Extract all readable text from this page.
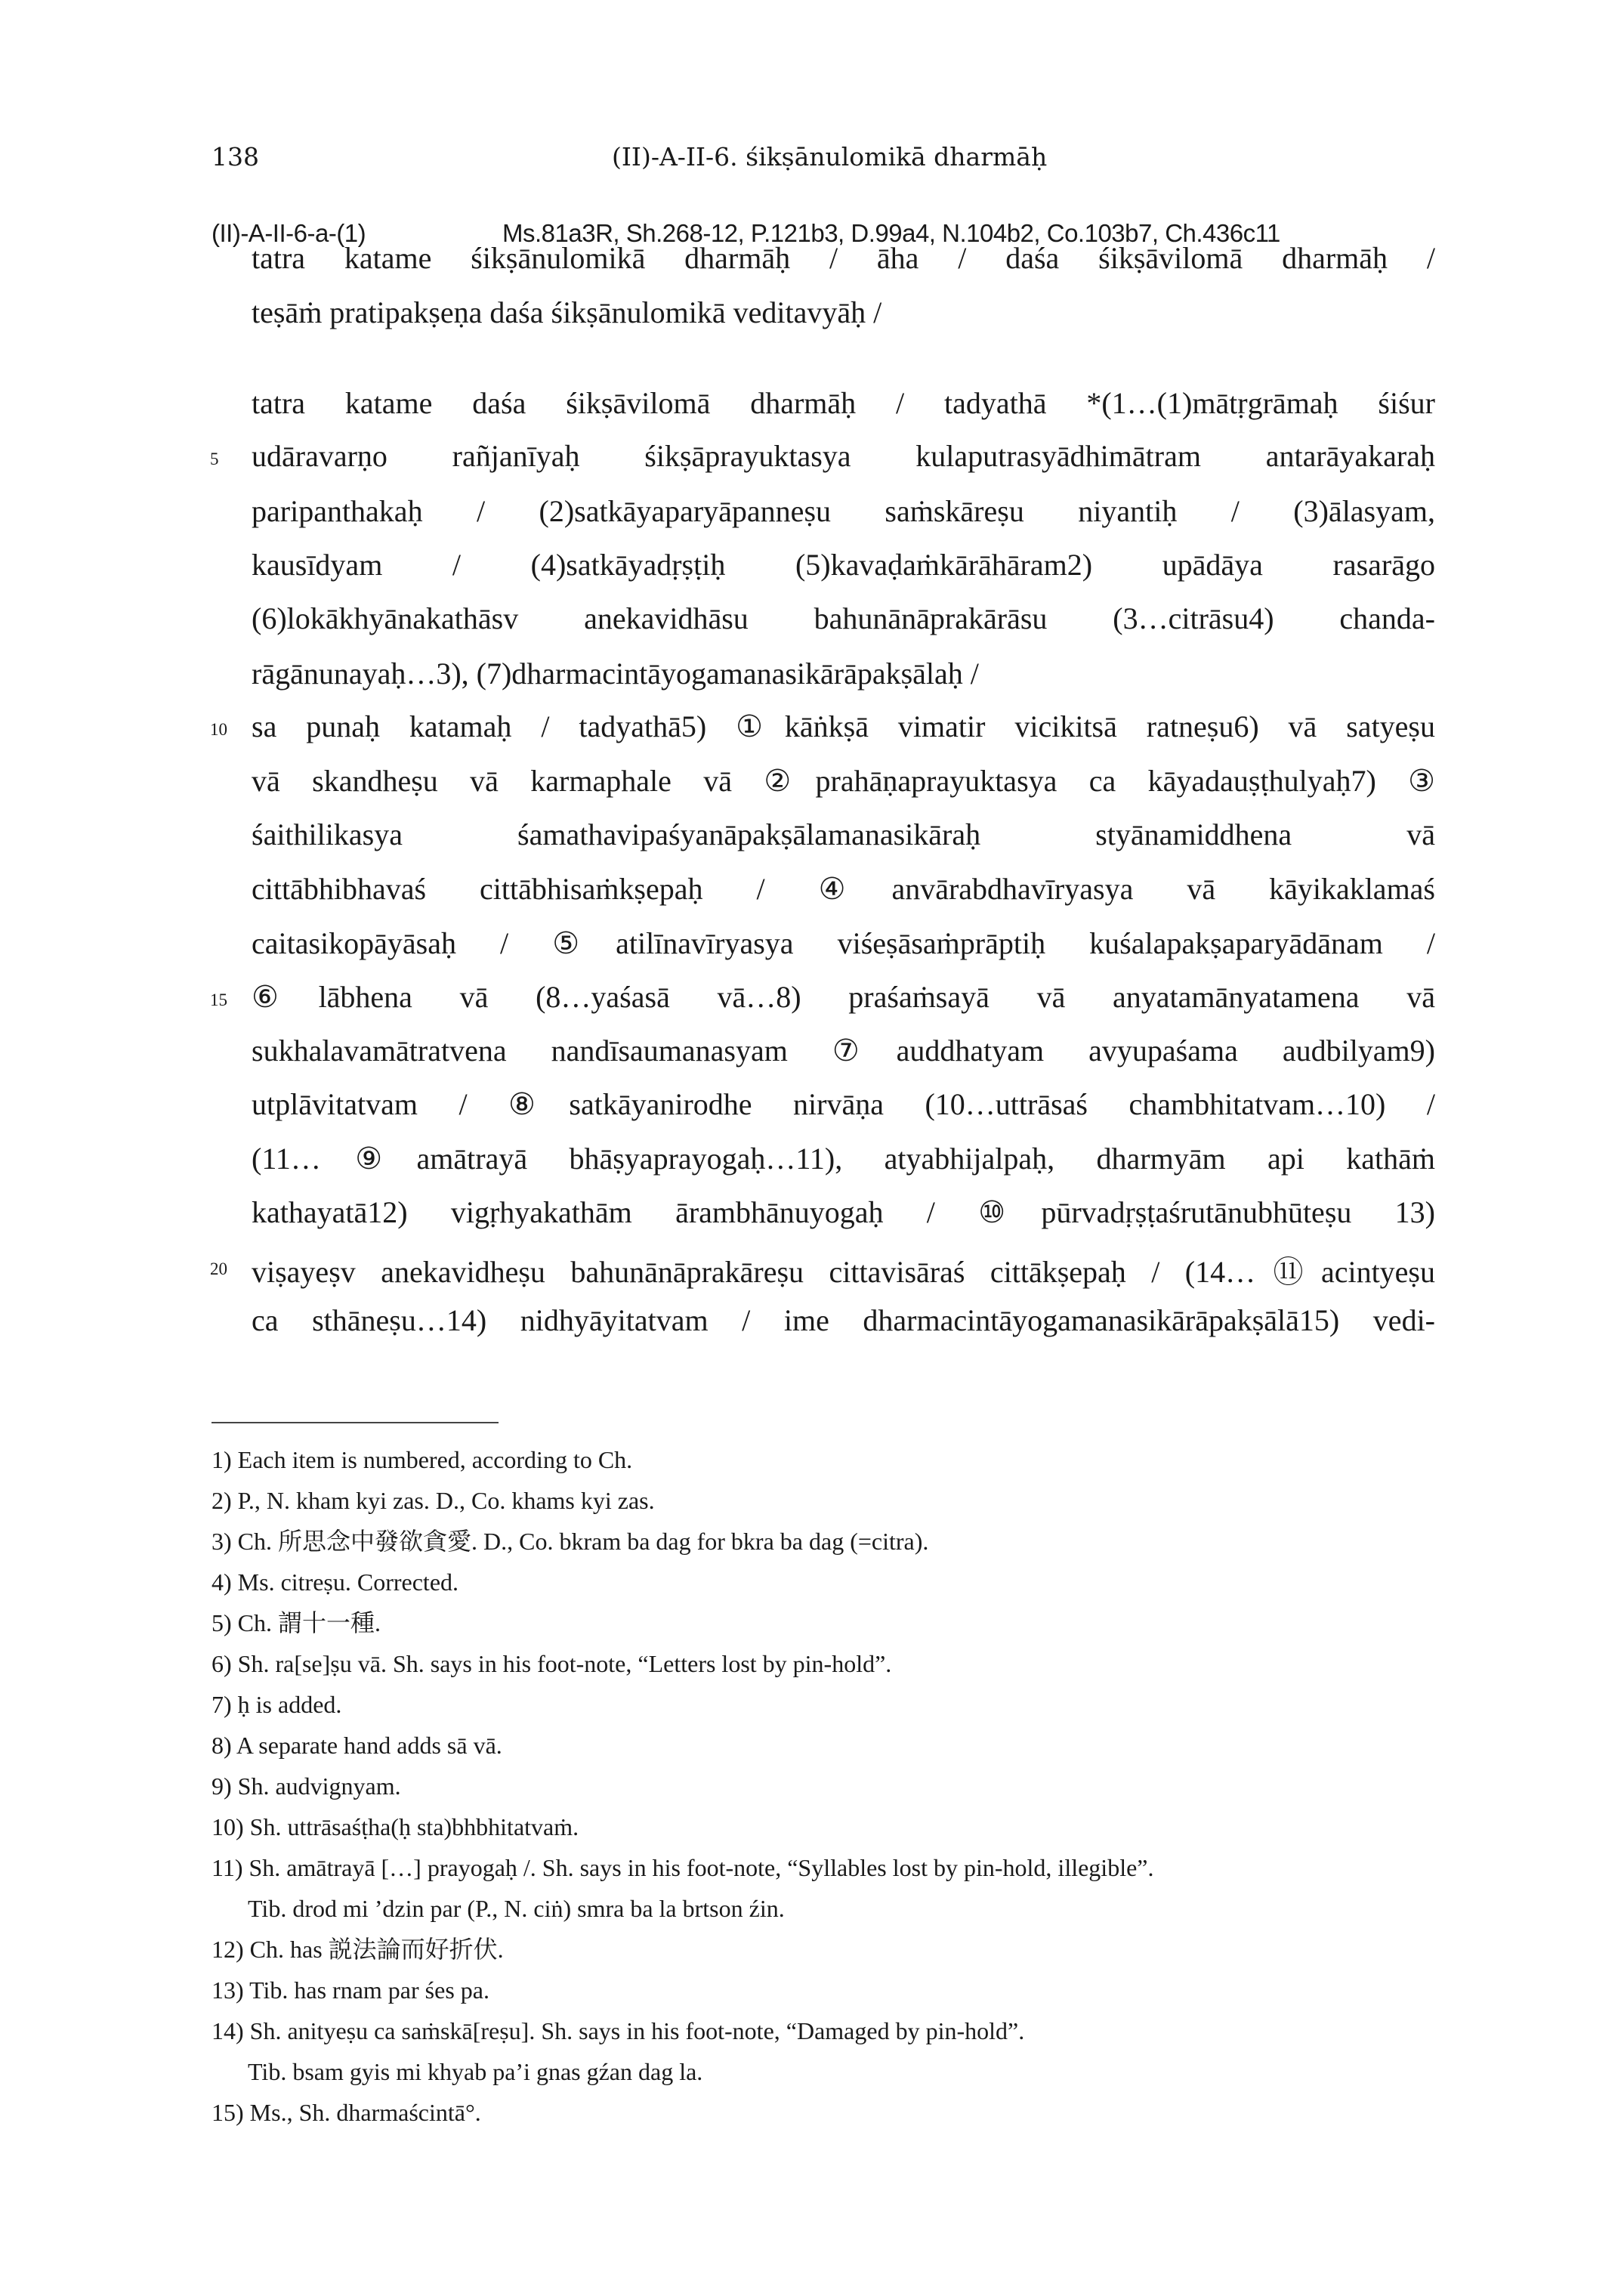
138	(II)-A-II-6. śikṣānulomikā dharmāḥ
(II)-A-II-6-a-(1)	Ms.81a3R, Sh.268-12, P.121b3, D.99a4, N.104b2, Co.103b7, Ch.436c11
tatra katame śikṣānulomikā dharmāḥ / āha / daśa śikṣāvilomā dharmāḥ /
teṣāṁ pratipakṣeṇa daśa śikṣānulomikā veditavyāḥ /
tatra katame daśa śikṣāvilomā dharmāḥ / tadyathā *(1…(1)mātṛgrāmaḥ śiśur
udāravarṇo rañjanīyaḥ śikṣāprayuktasya kulaputrasyādhimātram antarāyakaraḥ
paripanthakaḥ / (2)satkāyaparyāpanneṣu saṁskāreṣu niyantiḥ / (3)ālasyam,
kausīdyam / (4)satkāyadṛṣṭiḥ (5)kavaḍaṁkārāhāram2) upādāya rasarāgo
(6)lokākhyānakathāsv anekavidhāsu bahunānāprakārāsu (3…citrāsu4) chanda-
rāgānunayaḥ…3), (7)dharmacintāyogamanasikārāpakṣālaḥ /
sa punaḥ katamaḥ / tadyathā5) ①kāṅkṣā vimatir vicikitsā ratneṣu6) vā satyeṣu
vā skandheṣu vā karmaphale vā ②prahāṇaprayuktasya ca kāyadauṣṭhulyaḥ7) ③
śaithilikasya śamathavipaśyanāpakṣālamanasikāraḥ styānamiddhena vā
cittābhibhavaś cittābhisaṁkṣepaḥ / ④anvārabdhavīryasya vā kāyikaklamaś
caitasikopāyāsaḥ / ⑤atilīnavīryasya viśeṣāsaṁprāptiḥ kuśalapakṣaparyādānam /
⑥lābhena vā (8…yaśasā vā…8) praśaṁsayā vā anyatamānyatamena vā
sukhalavamātratvena nandīsaumanasyam ⑦auddhatyam avyupaśama audbilyam9)
utplāvitatvam / ⑧satkāyanirodhe nirvāṇa (10…uttrāsaś chambhitatvam…10) /
(11…⑨amātrayā bhāṣyaprayogaḥ…11), atyabhijalpaḥ, dharmyām api kathāṁ
kathayatā12) vigṛhyakathām ārambhānuyogaḥ / ⑩pūrvadṛṣṭaśrutānubhūteṣu 13)
viṣayeṣv anekavidheṣu bahunānāprakāreṣu cittavisāraś cittākṣepaḥ / (14…⑪acintyeṣu
ca sthāneṣu…14) nidhyāyitatvam / ime dharmacintāyogamanasikārāpakṣālā15) vedi-
5
10
15
20
1) Each item is numbered, according to Ch.
2) P., N. kham kyi zas. D., Co. khams kyi zas.
3) Ch. 所思念中發欲貪愛. D., Co. bkram ba dag for bkra ba dag (=citra).
4) Ms. citreṣu. Corrected.
5) Ch. 謂十一種.
6) Sh. ra[se]ṣu vā. Sh. says in his foot-note, “Letters lost by pin-hold”.
7) ḥ is added.
8) A separate hand adds sā vā.
9) Sh. audvignyam.
10) Sh. uttrāsaśṭha(ḥ sta)bhbhitatvaṁ.
11) Sh. amātrayā […] prayogaḥ /. Sh. says in his foot-note, “Syllables lost by pin-hold, illegible”.
Tib. drod mi ’dzin par (P., N. ciṅ) smra ba la brtson źin.
12) Ch. has 説法論而好折伏.
13) Tib. has rnam par śes pa.
14) Sh. anityeṣu ca saṁskā[reṣu]. Sh. says in his foot-note, “Damaged by pin-hold”.
Tib. bsam gyis mi khyab pa’i gnas gźan dag la.
15) Ms., Sh. dharmaścintā°.
